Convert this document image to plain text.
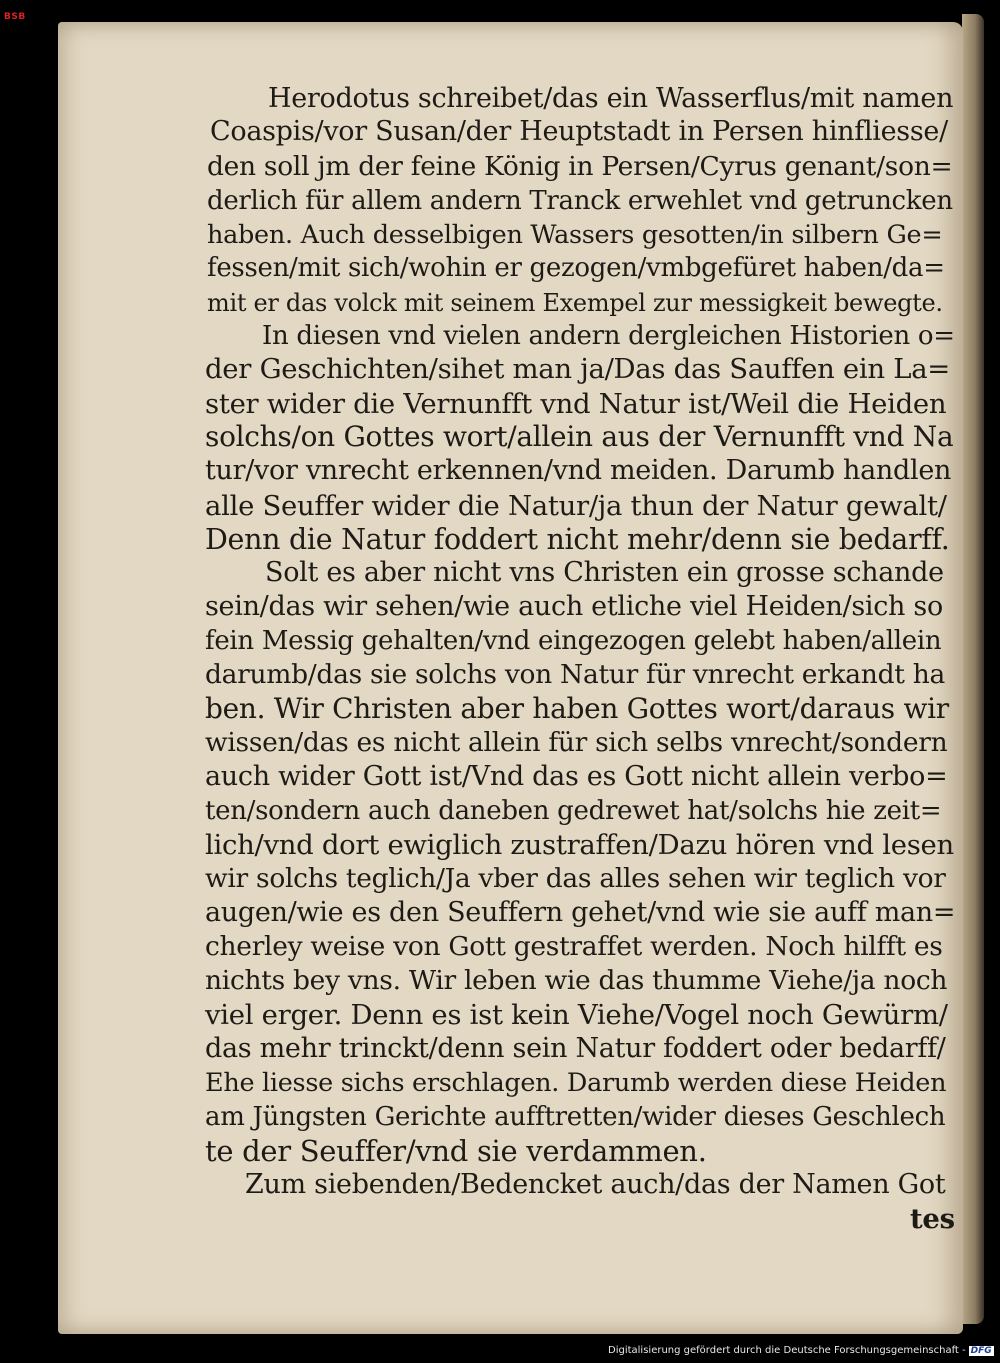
BSB
Herodotus schreibet/das ein Wasserflus/mit namen
Coaspis/vor Susan/der Heuptstadt in Persen hinfliesse/
den soll jm der feine König in Persen/Cyrus genant/son=
derlich für allem andern Tranck erwehlet vnd getruncken
haben. Auch desselbigen Wassers gesotten/in silbern Ge=
fessen/mit sich/wohin er gezogen/vmbgefüret haben/da=
mit er das volck mit seinem Exempel zur messigkeit bewegte.
In diesen vnd vielen andern dergleichen Historien o=
der Geschichten/sihet man ja/Das das Sauffen ein La=
ster wider die Vernunfft vnd Natur ist/Weil die Heiden
solchs/on Gottes wort/allein aus der Vernunfft vnd Na
tur/vor vnrecht erkennen/vnd meiden. Darumb handlen
alle Seuffer wider die Natur/ja thun der Natur gewalt/
Denn die Natur foddert nicht mehr/denn sie bedarff.
Solt es aber nicht vns Christen ein grosse schande
sein/das wir sehen/wie auch etliche viel Heiden/sich so
fein Messig gehalten/vnd eingezogen gelebt haben/allein
darumb/das sie solchs von Natur für vnrecht erkandt ha
ben. Wir Christen aber haben Gottes wort/daraus wir
wissen/das es nicht allein für sich selbs vnrecht/sondern
auch wider Gott ist/Vnd das es Gott nicht allein verbo=
ten/sondern auch daneben gedrewet hat/solchs hie zeit=
lich/vnd dort ewiglich zustraffen/Dazu hören vnd lesen
wir solchs teglich/Ja vber das alles sehen wir teglich vor
augen/wie es den Seuffern gehet/vnd wie sie auff man=
cherley weise von Gott gestraffet werden. Noch hilfft es
nichts bey vns. Wir leben wie das thumme Viehe/ja noch
viel erger. Denn es ist kein Viehe/Vogel noch Gewürm/
das mehr trinckt/denn sein Natur foddert oder bedarff/
Ehe liesse sichs erschlagen. Darumb werden diese Heiden
am Jüngsten Gerichte aufftretten/wider dieses Geschlech
te der Seuffer/vnd sie verdammen.
Zum siebenden/Bedencket auch/das der Namen Got
tes
Digitalisierung gefördert durch die Deutsche Forschungsgemeinschaft - DFG
